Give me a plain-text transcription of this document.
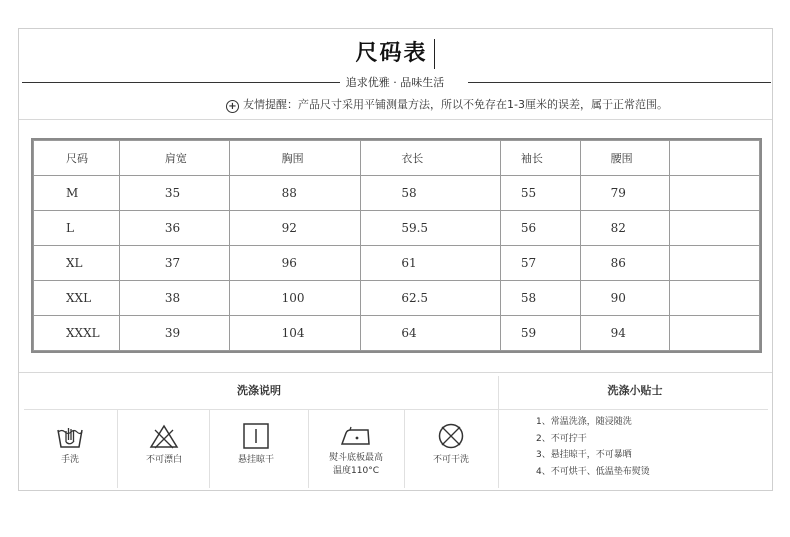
尺码表
追求优雅 · 品味生活
+ 友情提醒：产品尺寸采用平铺测量方法，所以不免存在1-3厘米的误差，属于正常范围。
尺码	肩宽	胸围	衣长	袖长	腰围	
M	35	88	58	55	79	
L	36	92	59.5	56	82	
XL	37	96	61	57	86	
XXL	38	100	62.5	58	90	
XXXL	39	104	64	59	94	
洗涤说明	洗涤小贴士
手洗	不可漂白	悬挂晾干	熨斗底板最高
温度110°C
不可干洗
1、常温洗涤，随浸随洗
2、不可拧干
3、悬挂晾干，不可暴晒
4、不可烘干、低温垫布熨烫
